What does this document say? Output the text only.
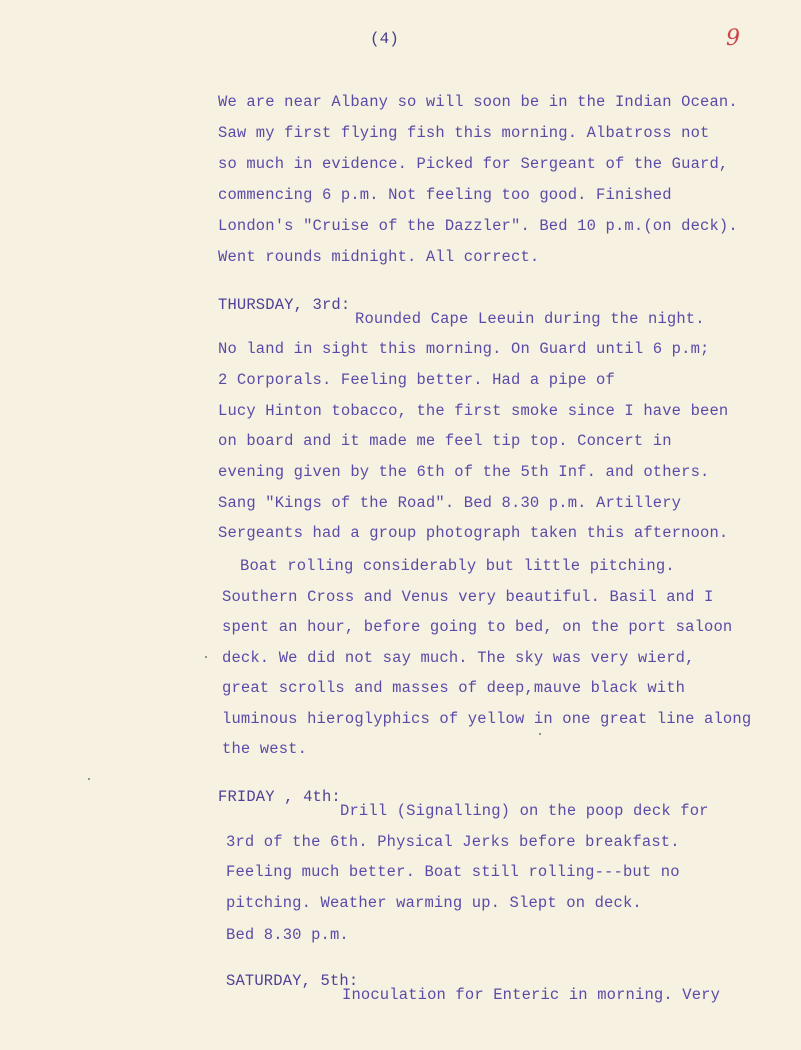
(4)	9
We are near Albany so will soon be in the Indian Ocean.
Saw my first flying fish this morning. Albatross not
so much in evidence. Picked for Sergeant of the Guard,
commencing 6 p.m. Not feeling too good. Finished
London's "Cruise of the Dazzler". Bed 10 p.m.(on deck).
Went rounds midnight. All correct.
THURSDAY, 3rd:
Rounded Cape Leeuin during the night.
No land in sight this morning. On Guard until 6 p.m;
2 Corporals. Feeling better. Had a pipe of
Lucy Hinton tobacco, the first smoke since I have been
on board and it made me feel tip top. Concert in
evening given by the 6th of the 5th Inf. and others.
Sang "Kings of the Road". Bed 8.30 p.m. Artillery
Sergeants had a group photograph taken this afternoon.
Boat rolling considerably but little pitching.
Southern Cross and Venus very beautiful. Basil and I
spent an hour, before going to bed, on the port saloon
deck. We did not say much. The sky was very wierd,
great scrolls and masses of deep,mauve black with
luminous hieroglyphics of yellow in one great line along
the west.
FRIDAY , 4th:
Drill (Signalling) on the poop deck for
3rd of the 6th. Physical Jerks before breakfast.
Feeling much better. Boat still rolling---but no
pitching. Weather warming up. Slept on deck.
Bed 8.30 p.m.
SATURDAY, 5th:
Inoculation for Enteric in morning. Very
